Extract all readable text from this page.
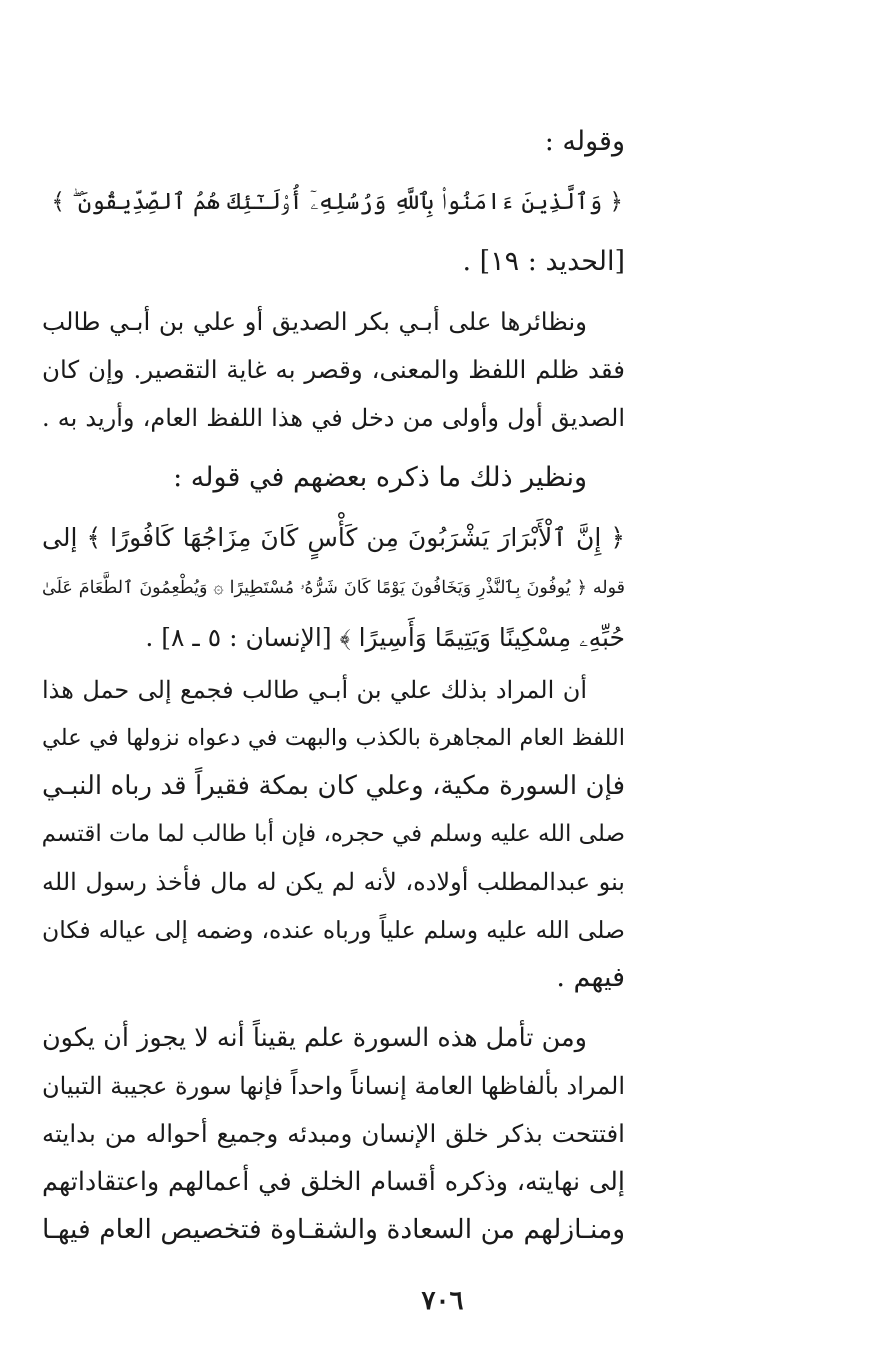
وقوله :
﴿ وَٱلَّذِينَ ءَامَنُوا۟ بِٱللَّهِ وَرُسُلِهِۦٓ أُو۟لَـٰٓئِكَ هُمُ ٱلصِّدِّيقُونَ ۖ ﴾
[الحديد : ١٩] .
ونظائرها على أبـي بكر الصديق أو علي بن أبـي طالب
فقد ظلم اللفظ والمعنى، وقصر به غاية التقصير. وإن كان
الصديق أول وأولى من دخل في هذا اللفظ العام، وأريد به .
ونظير ذلك ما ذكره بعضهم في قوله :
﴿ إِنَّ ٱلْأَبْرَارَ يَشْرَبُونَ مِن كَأْسٍ كَانَ مِزَاجُهَا كَافُورًا ﴾ إلى
قوله ﴿ يُوفُونَ بِٱلنَّذْرِ وَيَخَافُونَ يَوْمًا كَانَ شَرُّهُۥ مُسْتَطِيرًا ۞ وَيُطْعِمُونَ ٱلطَّعَامَ عَلَىٰ
حُبِّهِۦ مِسْكِينًا وَيَتِيمًا وَأَسِيرًا ﴾ [الإنسان : ٥ ـ ٨] .
أن المراد بذلك علي بن أبـي طالب فجمع إلى حمل هذا
اللفظ العام المجاهرة بالكذب والبهت في دعواه نزولها في علي
فإن السورة مكية، وعلي كان بمكة فقيراً قد رباه النبـي
صلى الله عليه وسلم في حجره، فإن أبا طالب لما مات اقتسم
بنو عبدالمطلب أولاده، لأنه لم يكن له مال فأخذ رسول الله
صلى الله عليه وسلم علياً ورباه عنده، وضمه إلى عياله فكان
فيهم .
ومن تأمل هذه السورة علم يقيناً أنه لا يجوز أن يكون
المراد بألفاظها العامة إنساناً واحداً فإنها سورة عجيبة التبيان
افتتحت بذكر خلق الإنسان ومبدئه وجميع أحواله من بدايته
إلى نهايته، وذكره أقسام الخلق في أعمالهم واعتقاداتهم
ومنـازلهم من السعادة والشقـاوة فتخصيص العام فيهـا
٧٠٦
